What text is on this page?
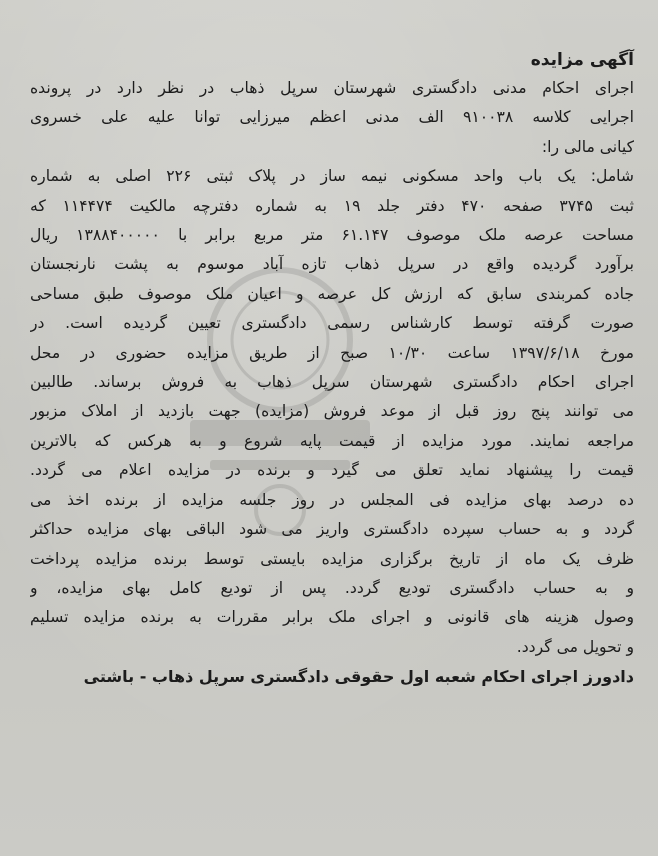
آگهی مزایده
اجرای احکام مدنی دادگستری شهرستان سرپل ذهاب در نظر دارد در پرونده
اجرایی کلاسه ۹۱۰۰۳۸ الف مدنی اعظم میرزایی توانا علیه علی خسروی
کیانی مالی را:
شامل: یک باب واحد مسکونی نیمه ساز در پلاک ثبتی ۲۲۶ اصلی به شماره
ثبت ۳۷۴۵ صفحه ۴۷۰ دفتر جلد ۱۹ به شماره دفترچه مالکیت ۱۱۴۴۷۴ که
مساحت عرصه ملک موصوف ۶۱.۱۴۷ متر مربع برابر با ۱۳۸۸۴۰۰۰۰۰ ریال
برآورد گردیده واقع در سرپل ذهاب تازه آباد موسوم به پشت نارنجستان
جاده کمربندی سابق که ارزش کل عرصه و اعیان ملک موصوف طبق مساحی
صورت گرفته توسط کارشناس رسمی دادگستری تعیین گردیده است. در
مورخ ۱۳۹۷/۶/۱۸ ساعت ۱۰/۳۰ صبح از طریق مزایده حضوری در محل
اجرای احکام دادگستری شهرستان سرپل ذهاب به فروش برساند. طالبین
می توانند پنج روز قبل از موعد فروش (مزایده) جهت بازدید از املاک مزبور
مراجعه نمایند. مورد مزایده از قیمت پایه شروع و به هرکس که بالاترین
قیمت را پیشنهاد نماید تعلق می گیرد و برنده در مزایده اعلام می گردد.
ده درصد بهای مزایده فی المجلس در روز جلسه مزایده از برنده اخذ می
گردد و به حساب سپرده دادگستری واریز می شود الباقی بهای مزایده حداکثر
ظرف یک ماه از تاریخ برگزاری مزایده بایستی توسط برنده مزایده پرداخت
و به حساب دادگستری تودیع گردد. پس از تودیع کامل بهای مزایده، و
وصول هزینه های قانونی و اجرای ملک برابر مقررات به برنده مزایده تسلیم
و تحویل می گردد.
دادورز اجرای احکام شعبه اول حقوقی دادگستری سرپل ذهاب - باشتی
